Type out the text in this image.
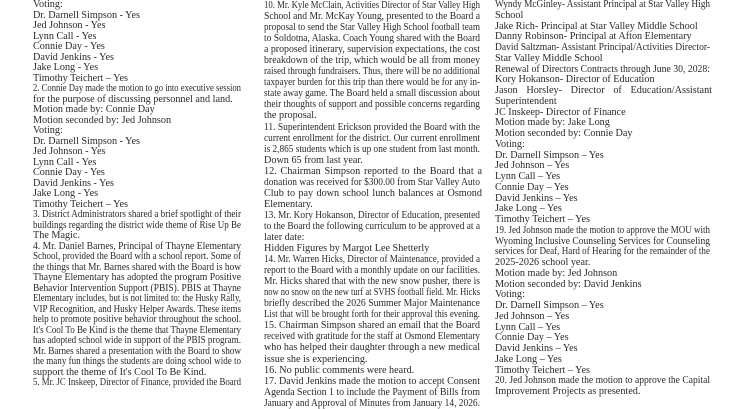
Voting:
Dr. Darnell Simpson - Yes
Jed Johnson - Yes
Lynn Call - Yes
Connie Day - Yes
David Jenkins - Yes
Jake Long - Yes
Timothy Teichert – Yes
2. Connie Day made the motion to go into executive session
for the purpose of discussing personnel and land.
Motion made by: Connie Day
Motion seconded by: Jed Johnson
Voting:
Dr. Darnell Simpson - Yes
Jed Johnson - Yes
Lynn Call - Yes
Connie Day - Yes
David Jenkins - Yes
Jake Long - Yes
Timothy Teichert – Yes
3. District Administrators shared a brief spotlight of their
buildings regarding the district wide theme of Rise Up Be
The Magic.
4. Mr. Daniel Barnes, Principal of Thayne Elementary
School, provided the Board with a school report. Some of
the things that Mr. Barnes shared with the Board is how
Thayne Elementary has adopted the program Positive
Behavior Intervention Support (PBIS). PBIS at Thayne
Elementary includes, but is not limited to: the Husky Rally,
VIP Recognition, and Husky Helper Awards. These items
help to promote positive behavior throughout the school.
It's Cool To Be Kind is the theme that Thayne Elementary
has adopted school wide in support of the PBIS program.
Mr. Barnes shared a presentation with the Board to show
the many fun things the students are doing school wide to
support the theme of It's Cool To Be Kind.
5. Mr. JC Inskeep, Director of Finance, provided the Board
10. Mr. Kyle McClain, Activities Director of Star Valley High
School and Mr. McKay Young, presented to the Board a
proposal to send the Star Valley High School football team
to Soldotna, Alaska. Coach Young shared with the Board
a proposed itinerary, supervision expectations, the cost
breakdown of the trip, which would be all from money
raised through fundraisers. Thus, there will be no additional
taxpayer burden for this trip than there would be for any in-
state away game. The Board held a small discussion about
their thoughts of support and possible concerns regarding
the proposal.
11. Superintendent Erickson provided the Board with the
current enrollment for the district. Our current enrollment
is 2,865 students which is up one student from last month.
Down 65 from last year.
12. Chairman Simpson reported to the Board that a
donation was received for $300.00 from Star Valley Auto
Club to pay down school lunch balances at Osmond
Elementary.
13. Mr. Kory Hokanson, Director of Education, presented
to the Board the following curriculum to be approved at a
later date:
Hidden Figures by Margot Lee Shetterly
14. Mr. Warren Hicks, Director of Maintenance, provided a
report to the Board with a monthly update on our facilities.
Mr. Hicks shared that with the new snow pusher, there is
now no snow on the new turf at SVHS football field. Mr. Hicks
briefly described the 2026 Summer Major Maintenance
List that will be brought forth for their approval this evening.
15. Chairman Simpson shared an email that the Board
received with gratitude for the staff at Osmond Elementary
who has helped their daughter through a new medical
issue she is experiencing.
16. No public comments were heard.
17. David Jenkins made the motion to accept Consent
Agenda Section 1 to include the Payment of Bills from
January and Approval of Minutes from January 14, 2026.
Wyndy McGinley- Assistant Principal at Star Valley High
School
Jake Rich- Principal at Star Valley Middle School
Danny Robinson- Principal at Afton Elementary
David Saltzman- Assistant Principal/Activities Director-
Star Valley Middle School
Renewal of Directors Contracts through June 30, 2028:
Kory Hokanson- Director of Education
Jason Horsley- Director of Education/Assistant
Superintendent
JC Inskeep- Director of Finance
Motion made by: Jake Long
Motion seconded by: Connie Day
Voting:
Dr. Darnell Simpson – Yes
Jed Johnson – Yes
Lynn Call – Yes
Connie Day – Yes
David Jenkins – Yes
Jake Long – Yes
Timothy Teichert – Yes
19. Jed Johnson made the motion to approve the MOU with
Wyoming Inclusive Counseling Services for Counseling
services for Deaf, Hard of Hearing for the remainder of the
2025-2026 school year.
Motion made by: Jed Johnson
Motion seconded by: David Jenkins
Voting:
Dr. Darnell Simpson – Yes
Jed Johnson – Yes
Lynn Call – Yes
Connie Day – Yes
David Jenkins – Yes
Jake Long – Yes
Timothy Teichert – Yes
20. Jed Johnson made the motion to approve the Capital
Improvement Projects as presented.
